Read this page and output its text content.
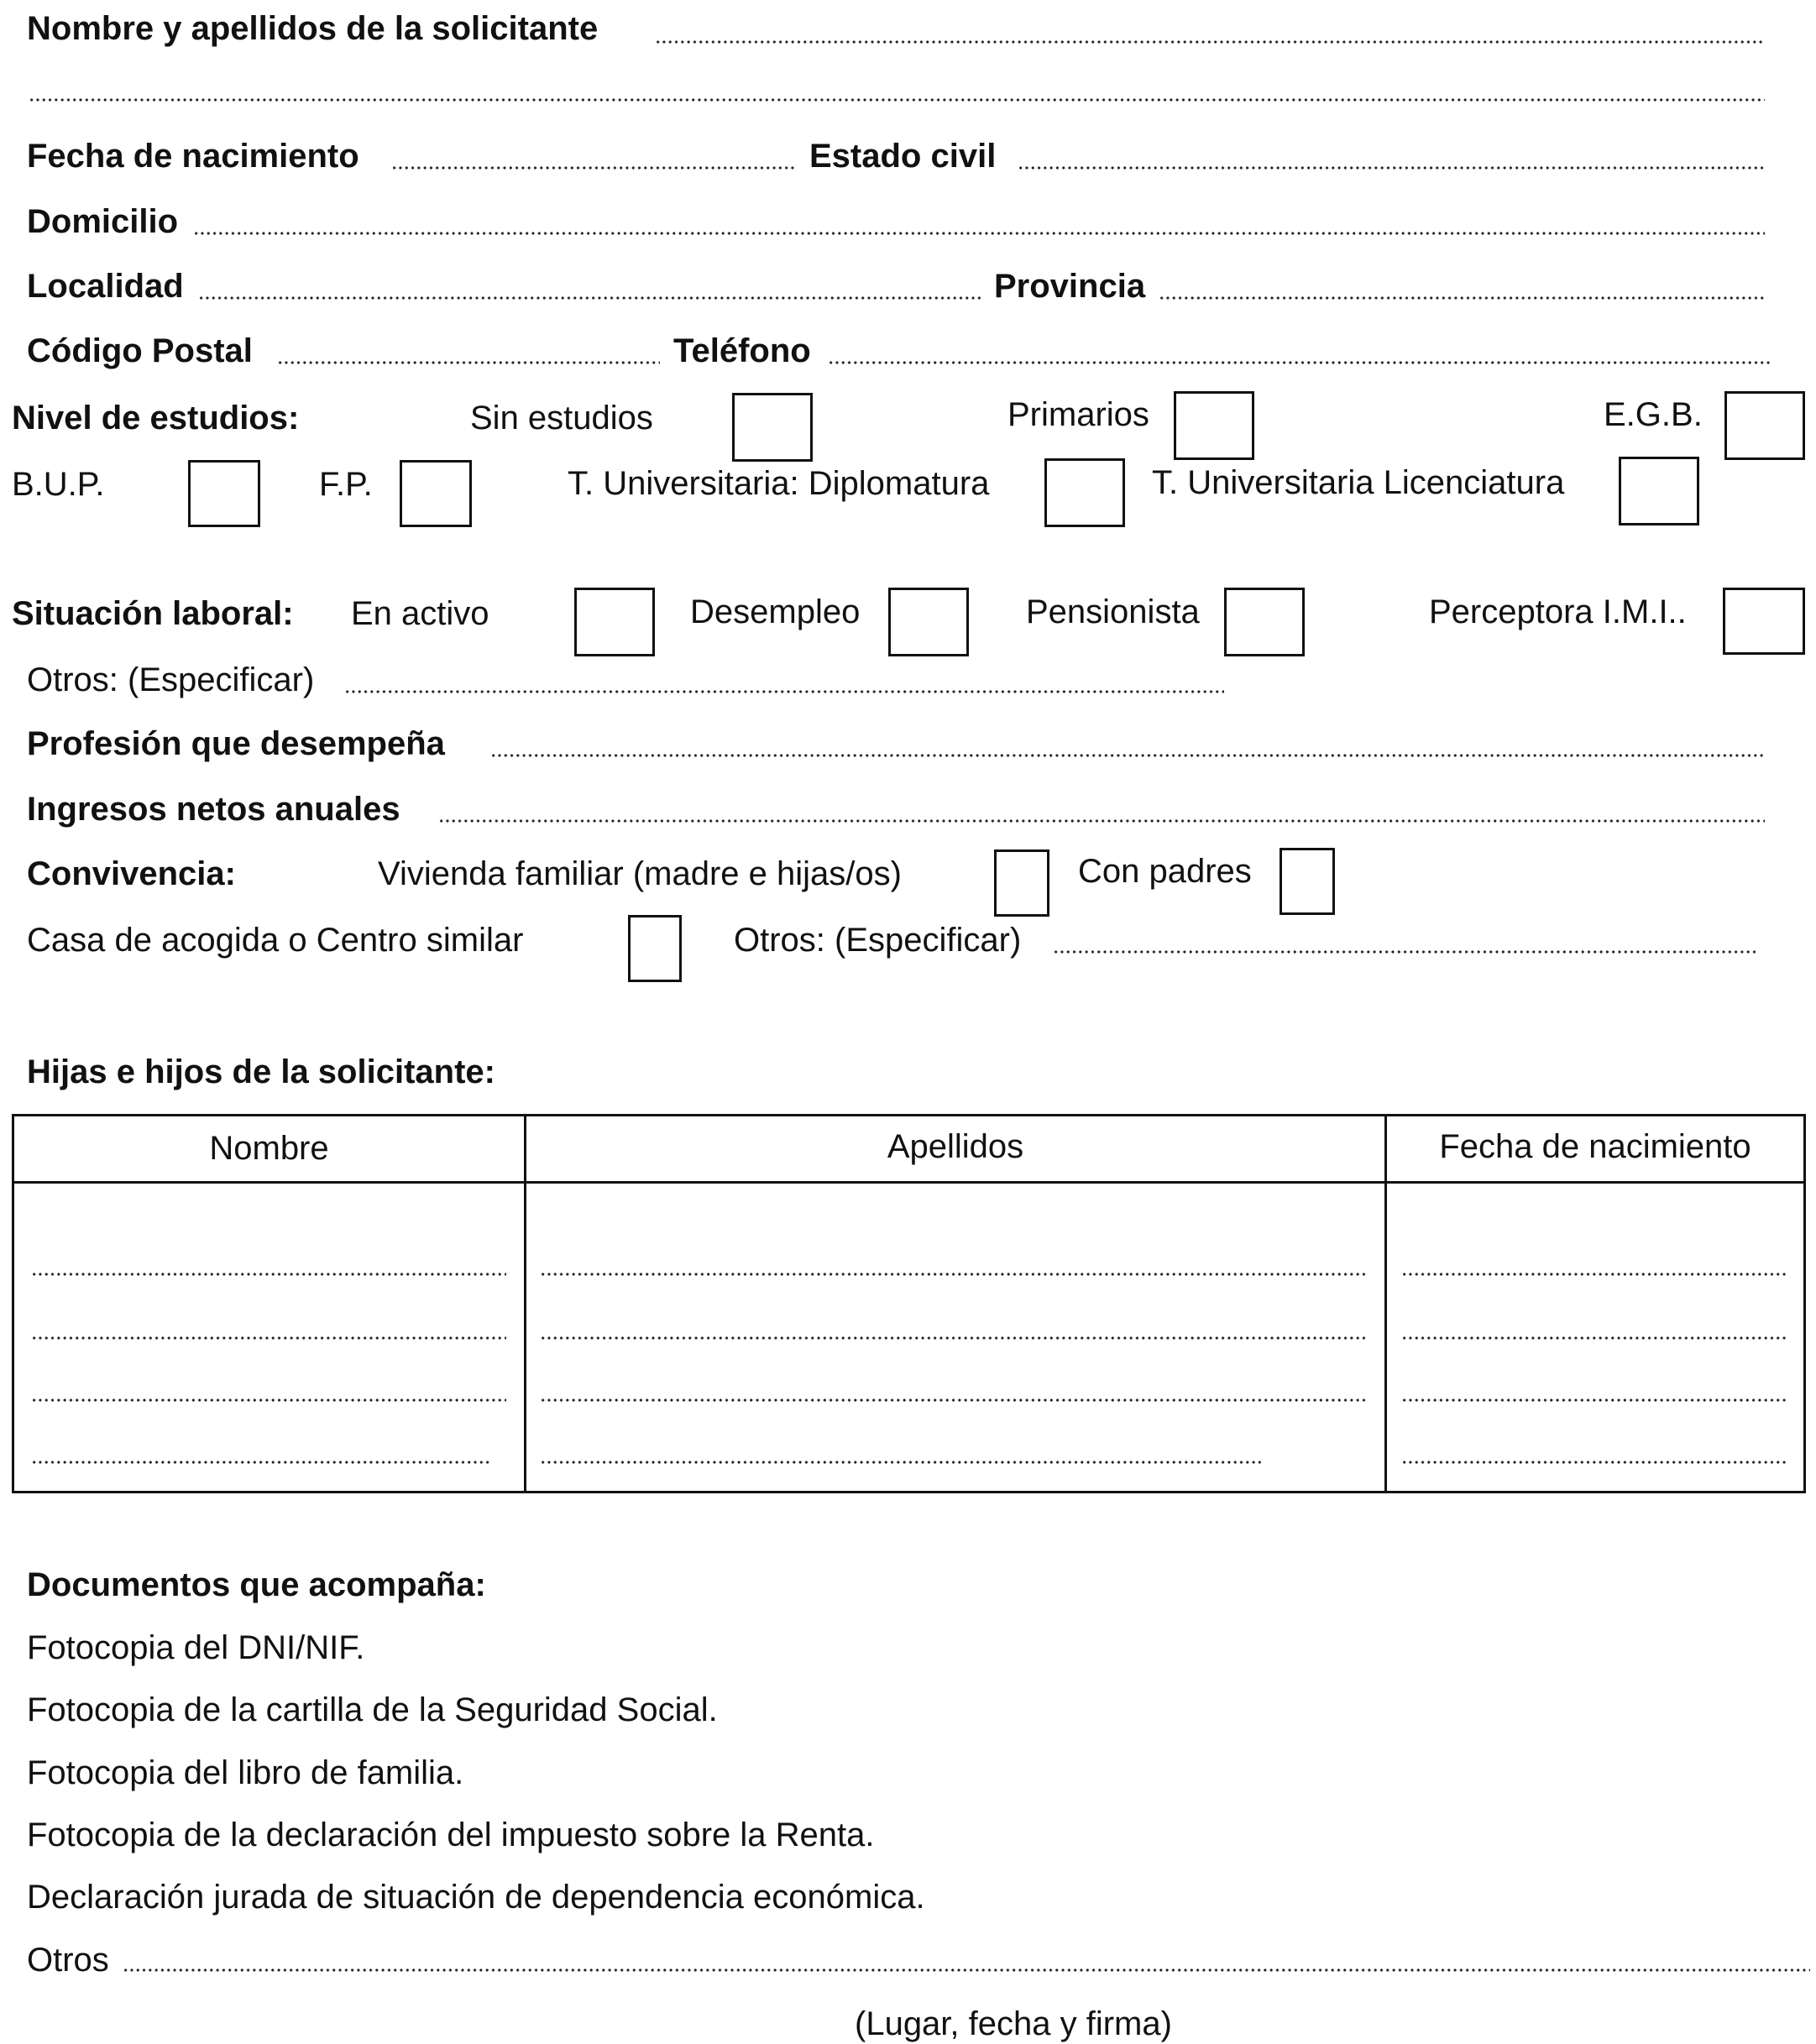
Nombre y apellidos de la solicitante
Fecha de nacimiento	Estado civil
Domicilio
Localidad	Provincia
Código Postal	Teléfono
Nivel de estudios:	Sin estudios	Primarios	E.G.B.
B.U.P.	F.P.	T. Universitaria: Diplomatura	T. Universitaria Licenciatura
Situación laboral: En activo	Desempleo	Pensionista	Perceptora I.M.I..
Otros: (Especificar)
Profesión que desempeña
Ingresos netos anuales
Convivencia:	Vivienda familiar (madre e hijas/os)	Con padres
Casa de acogida o Centro similar	Otros: (Especificar)
Hijas e hijos de la solicitante:
Nombre	Apellidos	Fecha de nacimiento
Documentos que acompaña:
Fotocopia del DNI/NIF.
Fotocopia de la cartilla de la Seguridad Social.
Fotocopia del libro de familia.
Fotocopia de la declaración del impuesto sobre la Renta.
Declaración jurada de situación de dependencia económica.
Otros
(Lugar, fecha y firma)
